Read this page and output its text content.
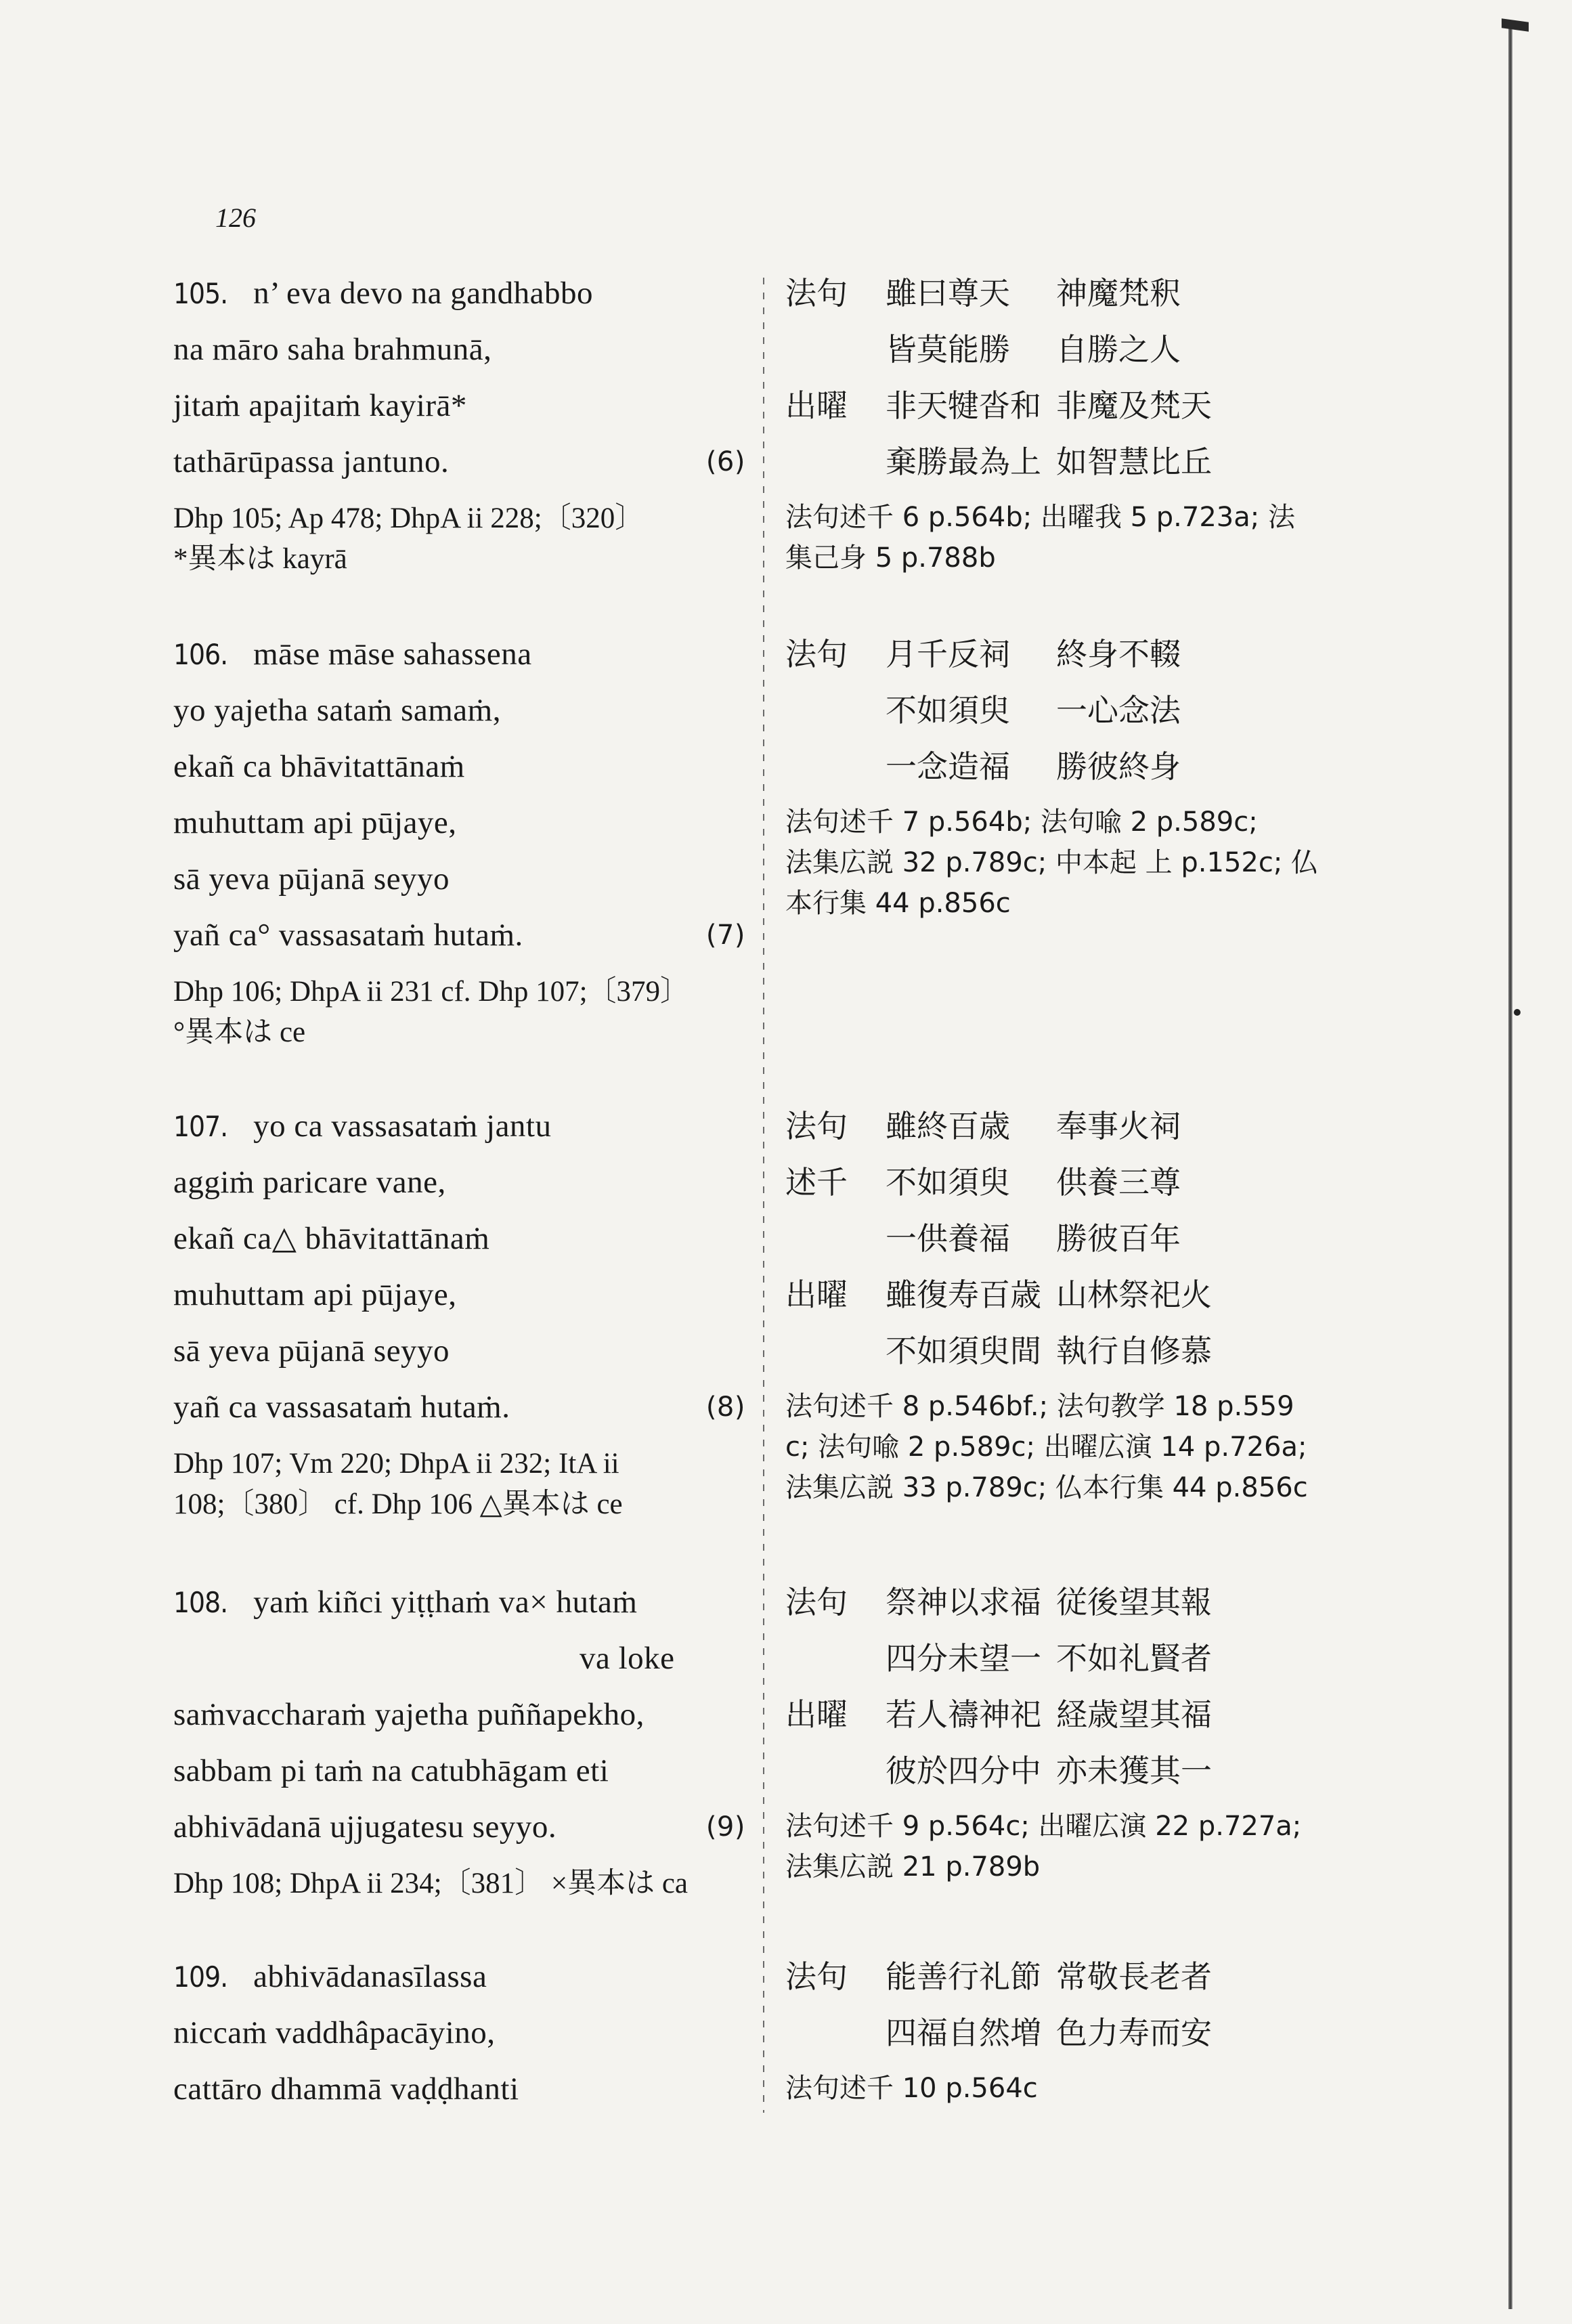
126
105. n’ eva devo na gandhabbo
na māro saha brahmunā,
jitaṁ apajitaṁ kayirā*
tathārūpassa jantuno.	(6)
Dhp 105; Ap 478; DhpA ii 228;〔320〕
*異本は kayrā
法句 雖曰尊天 神魔梵釈
皆莫能勝 自勝之人
出曜 非天犍沓和 非魔及梵天
棄勝最為上 如智慧比丘
法句述千 6 p.564b; 出曜我 5 p.723a; 法
集己身 5 p.788b
106. māse māse sahassena
yo yajetha sataṁ samaṁ,
ekañ ca bhāvitattānaṁ
muhuttam api pūjaye,
sā yeva pūjanā seyyo
yañ ca° vassasataṁ hutaṁ.	(7)
Dhp 106; DhpA ii 231 cf. Dhp 107;〔379〕
°異本は ce
法句 月千反祠 終身不輟
不如須臾 一心念法
一念造福 勝彼終身
法句述千 7 p.564b; 法句喩 2 p.589c;
法集広説 32 p.789c; 中本起 上 p.152c; 仏
本行集 44 p.856c
107. yo ca vassasataṁ jantu
aggiṁ paricare vane,
ekañ ca△ bhāvitattānaṁ
muhuttam api pūjaye,
sā yeva pūjanā seyyo
yañ ca vassasataṁ hutaṁ.	(8)
Dhp 107; Vm 220; DhpA ii 232; ItA ii
108;〔380〕 cf. Dhp 106 △異本は ce
法句 雖終百歳 奉事火祠
述千 不如須臾 供養三尊
一供養福 勝彼百年
出曜 雖復寿百歳 山林祭祀火
不如須臾間 執行自修慕
法句述千 8 p.546bf.; 法句教学 18 p.559
c; 法句喩 2 p.589c; 出曜広演 14 p.726a;
法集広説 33 p.789c; 仏本行集 44 p.856c
108. yaṁ kiñci yiṭṭhaṁ va× hutaṁ
va loke
saṁvaccharaṁ yajetha puññapekho,
sabbam pi taṁ na catubhāgam eti
abhivādanā ujjugatesu seyyo.	(9)
Dhp 108; DhpA ii 234;〔381〕 ×異本は ca
法句 祭神以求福 従後望其報
四分未望一 不如礼賢者
出曜 若人禱神祀 経歳望其福
彼於四分中 亦未獲其一
法句述千 9 p.564c; 出曜広演 22 p.727a;
法集広説 21 p.789b
109. abhivādanasīlassa
niccaṁ vaddhâpacāyino,
cattāro dhammā vaḍḍhanti
法句 能善行礼節 常敬長老者
四福自然増 色力寿而安
法句述千 10 p.564c
